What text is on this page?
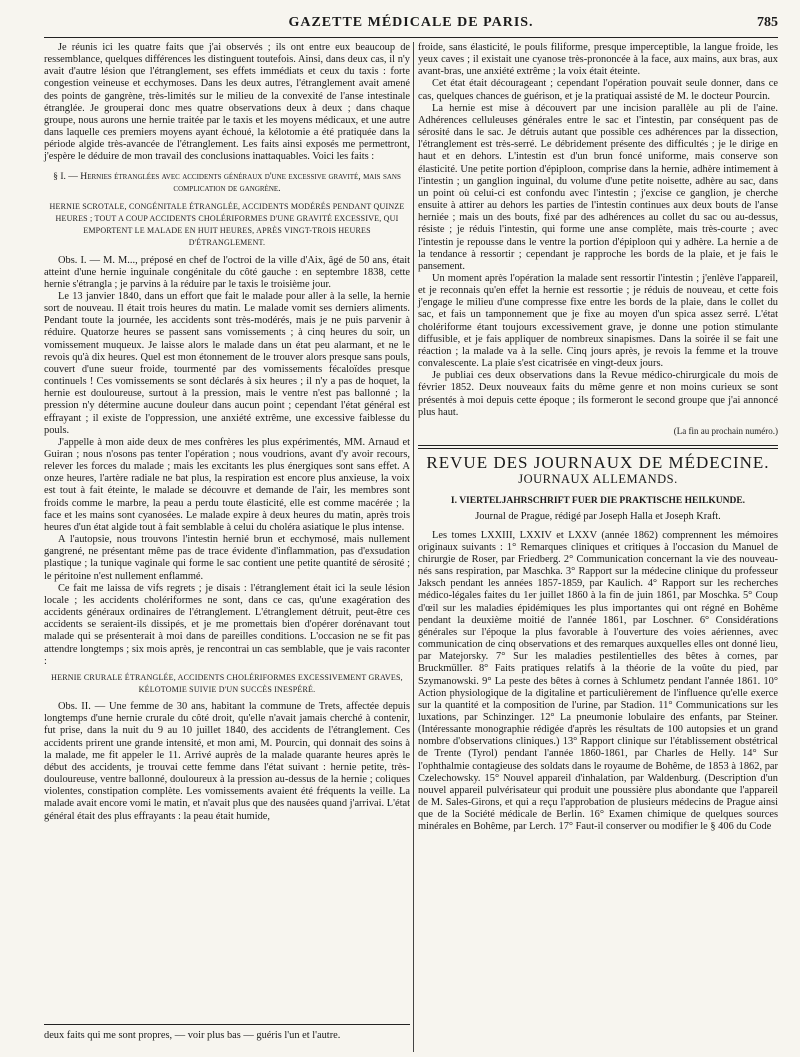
GAZETTE MÉDICALE DE PARIS.	785

Je réunis ici les quatre faits que j'ai observés ; ils ont entre eux beaucoup de ressemblance, quelques différences les distinguent toutefois. Ainsi, dans deux cas, il n'y avait d'autre lésion que l'étranglement, ses effets immédiats et ceux du taxis : forte congestion veineuse et ecchymoses. Dans les deux autres, l'étranglement avait amené des points de gangrène, très-limités sur le milieu de la convexité de l'anse intestinale étranglée. Je grouperai donc mes quatre observations deux à deux ; dans chaque groupe, nous aurons une hernie traitée par le taxis et les moyens médicaux, et une autre dans laquelle ces premiers moyens ayant échoué, la kélotomie a été pratiquée dans la période algide très-avancée de l'étranglement. Les faits ainsi exposés me permettront, j'espère le déduire de mon travail des conclusions inattaquables. Voici les faits :

§ I. — Hernies étranglées avec accidents généraux d'une excessive gravité, mais sans complication de gangrène.

HERNIE SCROTALE, CONGÉNITALE ÉTRANGLÉE, ACCIDENTS MODÉRÉS PENDANT QUINZE HEURES ; TOUT A COUP ACCIDENTS CHOLÉRIFORMES D'UNE GRAVITÉ EXCESSIVE, QUI EMPORTENT LE MALADE EN HUIT HEURES, APRÈS VINGT-TROIS HEURES D'ÉTRANGLEMENT.

Obs. I. — M. M..., préposé en chef de l'octroi de la ville d'Aix, âgé de 50 ans, était atteint d'une hernie inguinale congénitale du côté gauche : en septembre 1838, cette hernie s'étrangla ; je parvins à la réduire par le taxis le troisième jour.

Le 13 janvier 1840, dans un effort que fait le malade pour aller à la selle, la hernie sort de nouveau. Il était trois heures du matin. Le malade vomit ses derniers aliments. Pendant toute la journée, les accidents sont très-modérés, mais je ne puis parvenir à réduire. Quatorze heures se passent sans vomissements ; à cinq heures du soir, un vomissement muqueux. Je laisse alors le malade dans un état peu alarmant, et ne le revois qu'à dix heures. Quel est mon étonnement de le trouver alors presque sans pouls, couvert d'une sueur froide, tourmenté par des vomissements fécaloïdes presque continuels ! Ces vomissements se sont déclarés à six heures ; il n'y a pas de hoquet, la hernie est douloureuse, surtout à la pression, mais le ventre n'est pas ballonné ; la pression n'y détermine aucune douleur dans aucun point ; cependant l'état général est effrayant ; il existe de l'oppression, une anxiété extrême, une excessive faiblesse du pouls.

J'appelle à mon aide deux de mes confrères les plus expérimentés, MM. Arnaud et Guiran ; nous n'osons pas tenter l'opération ; nous voudrions, avant d'y avoir recours, relever les forces du malade ; mais les excitants les plus énergiques sont sans effet. A onze heures, l'artère radiale ne bat plus, la respiration est encore plus anxieuse, la voix est tout à fait éteinte, le malade se découvre et demande de l'air, les membres sont froids comme le marbre, la peau a perdu toute élasticité, elle est comme macérée ; la face et les mains sont cyanosées. Le malade expire à deux heures du matin, après trois heures d'un état algide tout à fait semblable à celui du choléra asiatique le plus intense.

A l'autopsie, nous trouvons l'intestin hernié brun et ecchymosé, mais nullement gangrené, ne présentant même pas de trace évidente d'inflammation, pas d'exsudation plastique ; la tunique vaginale qui forme le sac contient une petite quantité de sérosité ; le péritoine n'est nullement enflammé.

Ce fait me laissa de vifs regrets ; je disais : l'étranglement était ici la seule lésion locale ; les accidents cholériformes ne sont, dans ce cas, qu'une exagération des accidents généraux ordinaires de l'étranglement. L'étranglement détruit, peut-être ces accidents se seraient-ils dissipés, et je me promettais bien d'opérer dorénavant tout malade qui se présenterait à moi dans de pareilles conditions. L'occasion ne se fit pas attendre longtemps ; six mois après, je rencontrai un cas semblable, que je vais raconter :

HERNIE CRURALE ÉTRANGLÉE, ACCIDENTS CHOLÉRIFORMES EXCESSIVEMENT GRAVES, KÉLOTOMIE SUIVIE D'UN SUCCÈS INESPÉRÉ.

Obs. II. — Une femme de 30 ans, habitant la commune de Trets, affectée depuis longtemps d'une hernie crurale du côté droit, qu'elle n'avait jamais cherché à contenir, fut prise, dans la nuit du 9 au 10 juillet 1840, des accidents de l'étranglement. Ces accidents prirent une grande intensité, et mon ami, M. Pourcin, qui donnait des soins à la malade, me fit appeler le 11. Arrivé auprès de la malade quarante heures après le début des accidents, je trouvai cette femme dans l'état suivant : hernie petite, très-douloureuse, ventre ballonné, douloureux à la pression au-dessus de la hernie ; coliques violentes, constipation complète. Les vomissements avaient été fréquents la veille. La malade avait encore vomi le matin, et n'avait plus que des nausées quand j'arrivai. L'état général était des plus effrayants : la peau était humide,

deux faits qui me sont propres, — voir plus bas — guéris l'un et l'autre.

froide, sans élasticité, le pouls filiforme, presque imperceptible, la langue froide, les yeux caves ; il existait une cyanose très-prononcée à la face, aux mains, aux bras, aux avant-bras, une anxiété extrême ; la voix était éteinte.

Cet état était décourageant ; cependant l'opération pouvait seule donner, dans ce cas, quelques chances de guérison, et je la pratiquai assisté de M. le docteur Pourcin.

La hernie est mise à découvert par une incision parallèle au pli de l'aine. Adhérences celluleuses générales entre le sac et l'intestin, par conséquent pas de sérosité dans le sac. Je détruis autant que possible ces adhérences par la dissection, l'étranglement est très-serré. Le débridement présente des difficultés ; je le dirige en haut et en dehors. L'intestin est d'un brun foncé uniforme, mais conserve son élasticité. Une petite portion d'épiploon, comprise dans la hernie, adhère intimement à l'intestin ; un ganglion inguinal, du volume d'une petite noisette, adhère au sac, dans un point où celui-ci est confondu avec l'intestin ; j'excise ce ganglion, je cherche ensuite à attirer au dehors les parties de l'intestin continues aux deux bouts de l'anse herniée ; mais un des bouts, fixé par des adhérences au collet du sac ou au-dessus, résiste ; je réduis l'intestin, qui forme une anse complète, mais très-courte ; avec l'intestin je repousse dans le ventre la portion d'épiploon qui y adhère. La hernie a de la tendance à ressortir ; cependant je rapproche les bords de la plaie, et je fais le pansement.

Un moment après l'opération la malade sent ressortir l'intestin ; j'enlève l'appareil, et je reconnais qu'en effet la hernie est ressortie ; je réduis de nouveau, et cette fois j'engage le milieu d'une compresse fixe entre les bords de la plaie, dans le collet du sac, et fais un tamponnement que je fixe au moyen d'un spica assez serré. L'état cholériforme étant toujours excessivement grave, je donne une potion stimulante diffusible, et je fais appliquer de nombreux sinapismes. Dans la soirée il se fait une réaction ; la malade va à la selle. Cinq jours après, je revois la femme et la trouve convalescente. La plaie s'est cicatrisée en vingt-deux jours.

Je publiai ces deux observations dans la Revue médico-chirurgicale du mois de février 1852. Deux nouveaux faits du même genre et non moins curieux se sont présentés à moi depuis cette époque ; ils formeront le second groupe que j'ai annoncé plus haut.

(La fin au prochain numéro.)

REVUE DES JOURNAUX DE MÉDECINE.

JOURNAUX ALLEMANDS.

I. VIERTELJAHRSCHRIFT FUER DIE PRAKTISCHE HEILKUNDE.

Journal de Prague, rédigé par Joseph Halla et Joseph Kraft.

Les tomes LXXIII, LXXIV et LXXV (année 1862) comprennent les mémoires originaux suivants : 1° Remarques cliniques et critiques à l'occasion du Manuel de chirurgie de Roser, par Friedberg. 2° Communication concernant la vie des nouveau-nés sans respiration, par Maschka. 3° Rapport sur la médecine clinique du professeur Jaksch pendant les années 1857-1859, par Kaulich. 4° Rapport sur les recherches médico-légales faites du 1er juillet 1860 à la fin de juin 1861, par Moschka. 5° Coup d'œil sur les maladies épidémiques les plus importantes qui ont régné en Bohême pendant la deuxième moitié de l'année 1861, par Loschner. 6° Considérations générales sur l'époque la plus favorable à l'ouverture des voies aériennes, avec communication de cinq observations et des remarques auxquelles elles ont donné lieu, par Matejorsky. 7° Sur les maladies pestilentielles des bêtes à cornes, par Bruckmüller. 8° Faits pratiques relatifs à la théorie de la voûte du pied, par Szymanowski. 9° La peste des bêtes à cornes à Schlumetz pendant l'année 1861. 10° Action physiologique de la digitaline et particulièrement de l'influence qu'elle exerce sur la quantité et la composition de l'urine, par Stadion. 11° Communications sur les luxations, par Schinzinger. 12° La pneumonie lobulaire des enfants, par Steiner. (Intéressante monographie rédigée d'après les résultats de 100 autopsies et un grand nombre d'observations cliniques.) 13° Rapport clinique sur l'établissement obstétrical de Trente (Tyrol) pendant l'année 1860-1861, par Charles de Helly. 14° Sur l'ophthalmie contagieuse des soldats dans le royaume de Bohême, de 1853 à 1862, par Czelechowsky. 15° Nouvel appareil d'inhalation, par Waldenburg. (Description d'un nouvel appareil pulvérisateur qui produit une poussière plus abondante que l'appareil de M. Sales-Girons, et qui a reçu l'approbation de plusieurs médecins de Prague ainsi que de la Société médicale de Berlin. 16° Examen chimique de quelques sources minérales en Bohême, par Lerch. 17° Faut-il conserver ou modifier le § 406 du Code
